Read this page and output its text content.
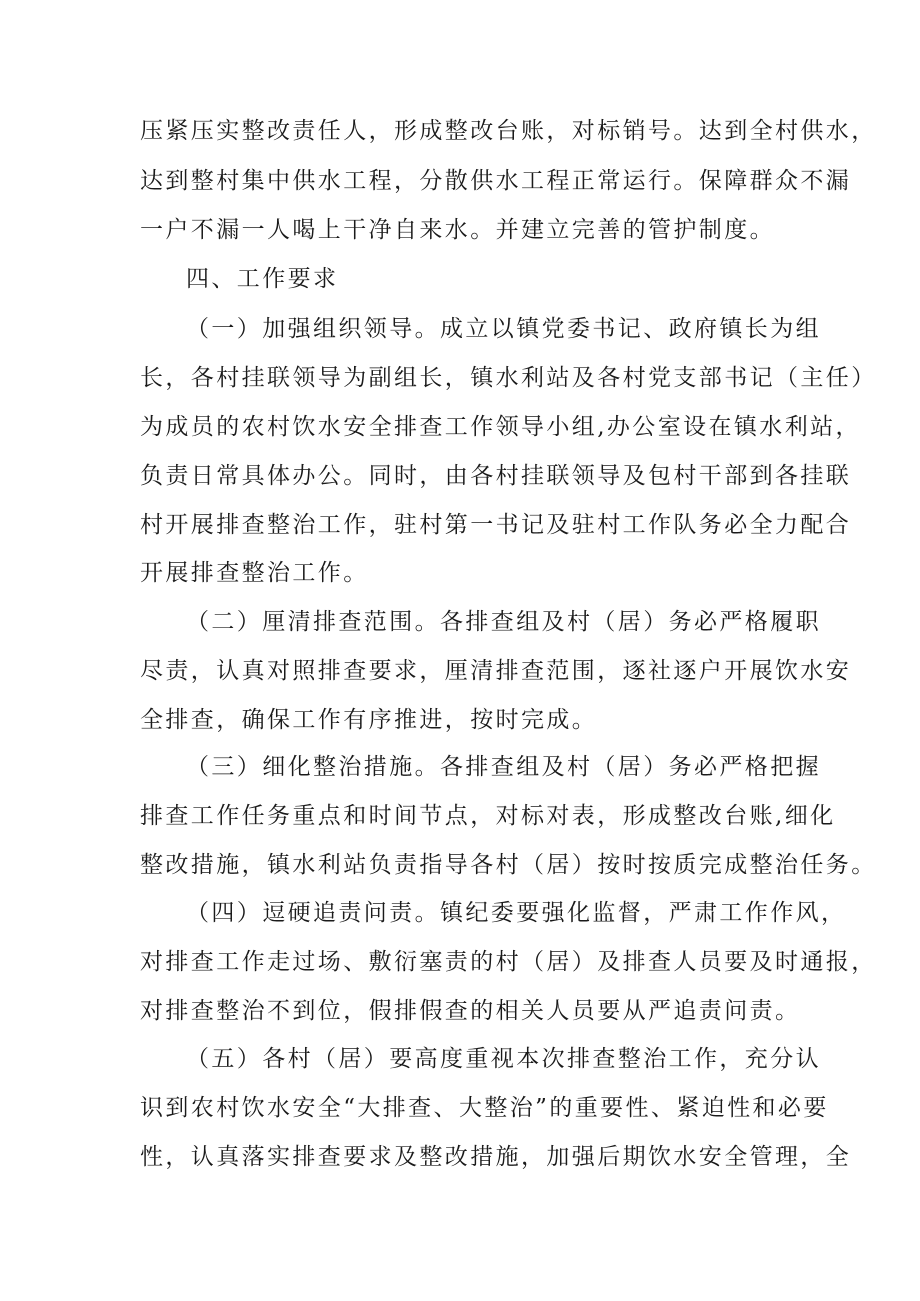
压紧压实整改责任人，形成整改台账，对标销号。达到全村供水，
达到整村集中供水工程，分散供水工程正常运行。保障群众不漏
一户不漏一人喝上干净自来水。并建立完善的管护制度。
四、工作要求
（一）加强组织领导。成立以镇党委书记、政府镇长为组
长，各村挂联领导为副组长，镇水利站及各村党支部书记（主任）
为成员的农村饮水安全排查工作领导小组,办公室设在镇水利站，
负责日常具体办公。同时，由各村挂联领导及包村干部到各挂联
村开展排查整治工作，驻村第一书记及驻村工作队务必全力配合
开展排查整治工作。
（二）厘清排查范围。各排查组及村（居）务必严格履职
尽责，认真对照排查要求，厘清排查范围，逐社逐户开展饮水安
全排查，确保工作有序推进，按时完成。
（三）细化整治措施。各排查组及村（居）务必严格把握
排查工作任务重点和时间节点，对标对表，形成整改台账,细化
整改措施，镇水利站负责指导各村（居）按时按质完成整治任务。
（四）逗硬追责问责。镇纪委要强化监督，严肃工作作风，
对排查工作走过场、敷衍塞责的村（居）及排查人员要及时通报，
对排查整治不到位，假排假查的相关人员要从严追责问责。
（五）各村（居）要高度重视本次排查整治工作，充分认
识到农村饮水安全“大排查、大整治”的重要性、紧迫性和必要
性，认真落实排查要求及整改措施，加强后期饮水安全管理，全
